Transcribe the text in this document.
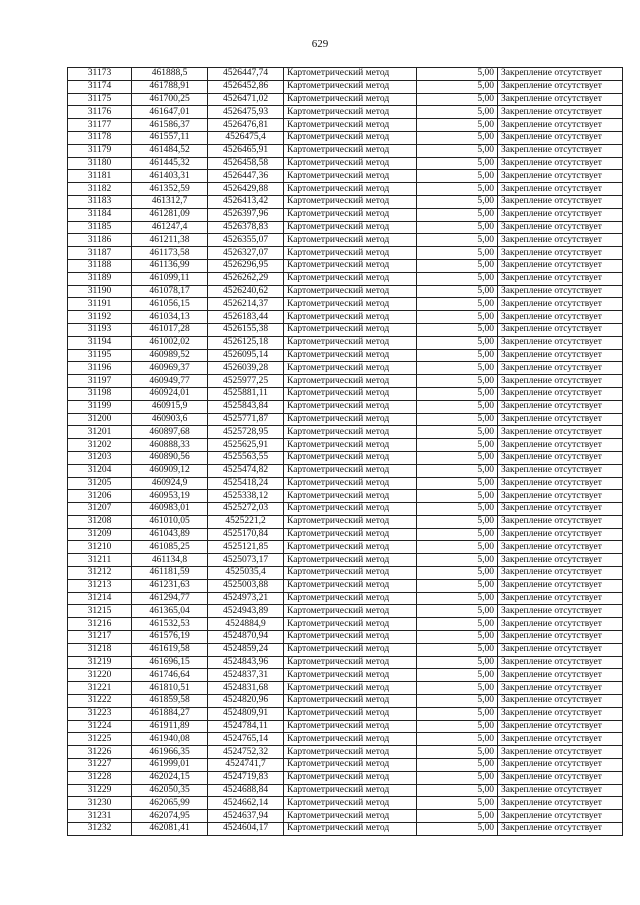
629
31173	461888,5	4526447,74	Картометрический метод	5,00	Закрепление отсутствует
31174	461788,91	4526452,86	Картометрический метод	5,00	Закрепление отсутствует
31175	461700,25	4526471,02	Картометрический метод	5,00	Закрепление отсутствует
31176	461647,01	4526475,93	Картометрический метод	5,00	Закрепление отсутствует
31177	461586,37	4526476,81	Картометрический метод	5,00	Закрепление отсутствует
31178	461557,11	4526475,4	Картометрический метод	5,00	Закрепление отсутствует
31179	461484,52	4526465,91	Картометрический метод	5,00	Закрепление отсутствует
31180	461445,32	4526458,58	Картометрический метод	5,00	Закрепление отсутствует
31181	461403,31	4526447,36	Картометрический метод	5,00	Закрепление отсутствует
31182	461352,59	4526429,88	Картометрический метод	5,00	Закрепление отсутствует
31183	461312,7	4526413,42	Картометрический метод	5,00	Закрепление отсутствует
31184	461281,09	4526397,96	Картометрический метод	5,00	Закрепление отсутствует
31185	461247,4	4526378,83	Картометрический метод	5,00	Закрепление отсутствует
31186	461211,38	4526355,07	Картометрический метод	5,00	Закрепление отсутствует
31187	461173,58	4526327,07	Картометрический метод	5,00	Закрепление отсутствует
31188	461136,99	4526296,95	Картометрический метод	5,00	Закрепление отсутствует
31189	461099,11	4526262,29	Картометрический метод	5,00	Закрепление отсутствует
31190	461078,17	4526240,62	Картометрический метод	5,00	Закрепление отсутствует
31191	461056,15	4526214,37	Картометрический метод	5,00	Закрепление отсутствует
31192	461034,13	4526183,44	Картометрический метод	5,00	Закрепление отсутствует
31193	461017,28	4526155,38	Картометрический метод	5,00	Закрепление отсутствует
31194	461002,02	4526125,18	Картометрический метод	5,00	Закрепление отсутствует
31195	460989,52	4526095,14	Картометрический метод	5,00	Закрепление отсутствует
31196	460969,37	4526039,28	Картометрический метод	5,00	Закрепление отсутствует
31197	460949,77	4525977,25	Картометрический метод	5,00	Закрепление отсутствует
31198	460924,01	4525881,11	Картометрический метод	5,00	Закрепление отсутствует
31199	460915,9	4525843,84	Картометрический метод	5,00	Закрепление отсутствует
31200	460903,6	4525771,87	Картометрический метод	5,00	Закрепление отсутствует
31201	460897,68	4525728,95	Картометрический метод	5,00	Закрепление отсутствует
31202	460888,33	4525625,91	Картометрический метод	5,00	Закрепление отсутствует
31203	460890,56	4525563,55	Картометрический метод	5,00	Закрепление отсутствует
31204	460909,12	4525474,82	Картометрический метод	5,00	Закрепление отсутствует
31205	460924,9	4525418,24	Картометрический метод	5,00	Закрепление отсутствует
31206	460953,19	4525338,12	Картометрический метод	5,00	Закрепление отсутствует
31207	460983,01	4525272,03	Картометрический метод	5,00	Закрепление отсутствует
31208	461010,05	4525221,2	Картометрический метод	5,00	Закрепление отсутствует
31209	461043,89	4525170,84	Картометрический метод	5,00	Закрепление отсутствует
31210	461085,25	4525121,85	Картометрический метод	5,00	Закрепление отсутствует
31211	461134,8	4525073,17	Картометрический метод	5,00	Закрепление отсутствует
31212	461181,59	4525035,4	Картометрический метод	5,00	Закрепление отсутствует
31213	461231,63	4525003,88	Картометрический метод	5,00	Закрепление отсутствует
31214	461294,77	4524973,21	Картометрический метод	5,00	Закрепление отсутствует
31215	461365,04	4524943,89	Картометрический метод	5,00	Закрепление отсутствует
31216	461532,53	4524884,9	Картометрический метод	5,00	Закрепление отсутствует
31217	461576,19	4524870,94	Картометрический метод	5,00	Закрепление отсутствует
31218	461619,58	4524859,24	Картометрический метод	5,00	Закрепление отсутствует
31219	461696,15	4524843,96	Картометрический метод	5,00	Закрепление отсутствует
31220	461746,64	4524837,31	Картометрический метод	5,00	Закрепление отсутствует
31221	461810,51	4524831,68	Картометрический метод	5,00	Закрепление отсутствует
31222	461859,58	4524820,96	Картометрический метод	5,00	Закрепление отсутствует
31223	461884,27	4524809,91	Картометрический метод	5,00	Закрепление отсутствует
31224	461911,89	4524784,11	Картометрический метод	5,00	Закрепление отсутствует
31225	461940,08	4524765,14	Картометрический метод	5,00	Закрепление отсутствует
31226	461966,35	4524752,32	Картометрический метод	5,00	Закрепление отсутствует
31227	461999,01	4524741,7	Картометрический метод	5,00	Закрепление отсутствует
31228	462024,15	4524719,83	Картометрический метод	5,00	Закрепление отсутствует
31229	462050,35	4524688,84	Картометрический метод	5,00	Закрепление отсутствует
31230	462065,99	4524662,14	Картометрический метод	5,00	Закрепление отсутствует
31231	462074,95	4524637,94	Картометрический метод	5,00	Закрепление отсутствует
31232	462081,41	4524604,17	Картометрический метод	5,00	Закрепление отсутствует
